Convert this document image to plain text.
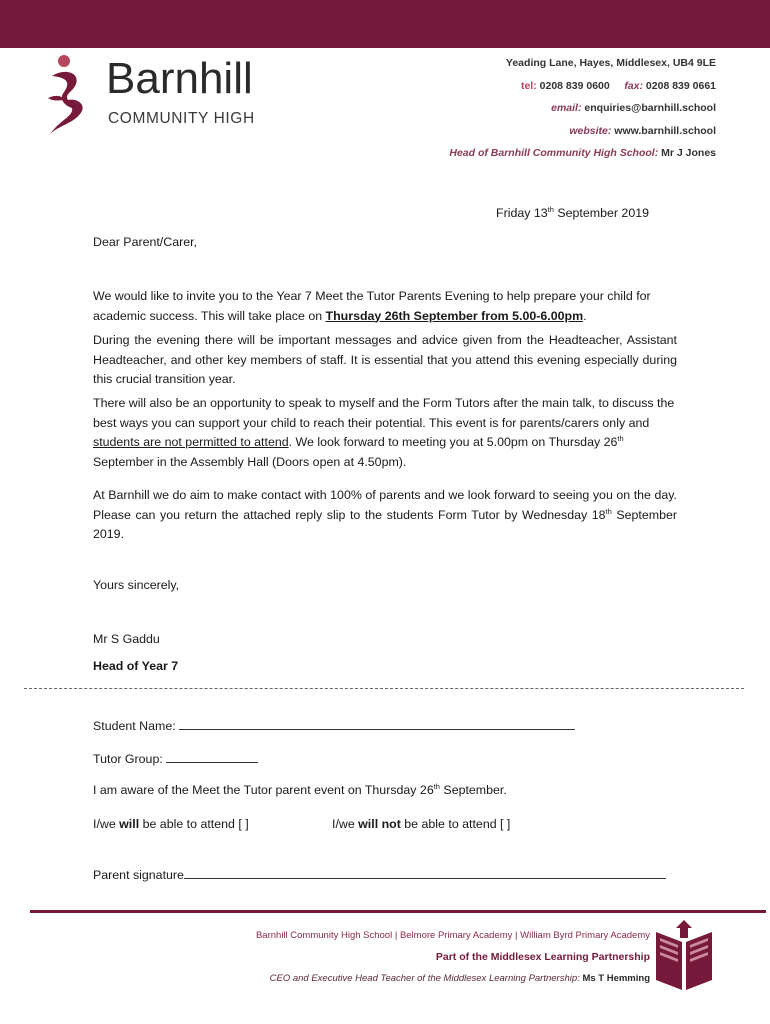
Barnhill
COMMUNITY HIGH
Yeading Lane, Hayes, Middlesex, UB4 9LE
tel: 0208 839 0600 fax: 0208 839 0661
email: enquiries@barnhill.school
website: www.barnhill.school
Head of Barnhill Community High School: Mr J Jones
Friday 13th September 2019
Dear Parent/Carer,
We would like to invite you to the Year 7 Meet the Tutor Parents Evening to help prepare your child for academic success. This will take place on Thursday 26th September from 5.00-6.00pm.
During the evening there will be important messages and advice given from the Headteacher, Assistant Headteacher, and other key members of staff. It is essential that you attend this evening especially during this crucial transition year.
There will also be an opportunity to speak to myself and the Form Tutors after the main talk, to discuss the best ways you can support your child to reach their potential. This event is for parents/carers only and students are not permitted to attend. We look forward to meeting you at 5.00pm on Thursday 26th September in the Assembly Hall (Doors open at 4.50pm).
At Barnhill we do aim to make contact with 100% of parents and we look forward to seeing you on the day. Please can you return the attached reply slip to the students Form Tutor by Wednesday 18th September 2019.
Yours sincerely,
Mr S Gaddu
Head of Year 7
Student Name:
Tutor Group:
I am aware of the Meet the Tutor parent event on Thursday 26th September.
I/we will be able to attend [ ]	I/we will not be able to attend [ ]
Parent signature
Barnhill Community High School | Belmore Primary Academy | William Byrd Primary Academy
Part of the Middlesex Learning Partnership
CEO and Executive Head Teacher of the Middlesex Learning Partnership: Ms T Hemming
